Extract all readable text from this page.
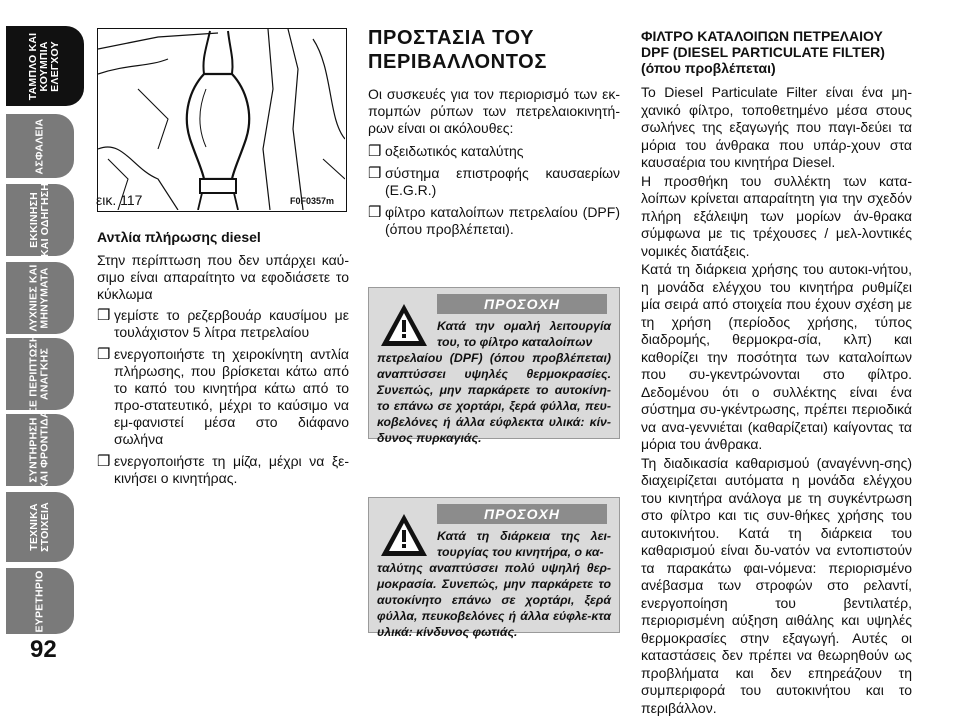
ΤΑΜΠΛΟ ΚΑΙ
ΚΟΥΜΠΙΑ
ΕΛΕΓΧΟΥ
ΑΣΦΑΛΕΙΑ
ΕΚΚΙΝΗΣΗ
ΚΑΙ ΟΔΗΓΗΣΗ
ΛΥΧΝΙΕΣ ΚΑΙ
ΜΗΝΥΜΑΤΑ
ΣΕ ΠΕΡΙΠΤΩΣΗ
ΑΝΑΓΚΗΣ
ΣΥΝΤΗΡΗΣΗ
ΚΑΙ ΦΡΟΝΤΙΔΑ
ΤΕΧΝΙΚΑ
ΣΤΟΙΧΕΙΑ
ΕΥΡΕΤΗΡΙΟ
92
εικ. 117	F0F0357m
Αντλία πλήρωσης diesel

Στην περίπτωση που δεν υπάρχει καύ-σιμο είναι απαραίτητο να εφοδιάσετε το κύκλωμα

❒ γεμίστε το ρεζερβουάρ καυσίμου με τουλάχιστον 5 λίτρα πετρελαίου
❒ ενεργοποιήστε τη χειροκίνητη αντλία πλήρωσης, που βρίσκεται κάτω από το καπό του κινητήρα κάτω από το προ-στατευτικό, μέχρι το καύσιμο να εμ-φανιστεί μέσα στο διάφανο σωλήνα
❒ ενεργοποιήστε τη μίζα, μέχρι να ξε-κινήσει ο κινητήρας.
ΠΡΟΣΤΑΣΙΑ ΤΟΥ
ΠΕΡΙΒΑΛΛΟΝΤΟΣ

Οι συσκευές για τον περιορισμό των εκ-πομπών ρύπων των πετρελαιοκινητή-ρων είναι οι ακόλουθες:

❒ οξειδωτικός καταλύτης
❒ σύστημα επιστροφής καυσαερίων (E.G.R.)
❒ φίλτρο καταλοίπων πετρελαίου (DPF) (όπου προβλέπεται).
ΠΡΟΣΟΧΗ
Κατά την ομαλή λειτουργία του, το φίλτρο καταλοίπων
πετρελαίου (DPF) (όπου προβλέπεται) αναπτύσσει υψηλές θερμοκρασίες. Συνεπώς, μην παρκάρετε το αυτοκίνη-το επάνω σε χορτάρι, ξερά φύλλα, πευ-κοβελόνες ή άλλα εύφλεκτα υλικά: κίν-δυνος πυρκαγιάς.
ΠΡΟΣΟΧΗ
Κατά τη διάρκεια της λει-τουργίας του κινητήρα, ο κα-
ταλύτης αναπτύσσει πολύ υψηλή θερ-μοκρασία. Συνεπώς, μην παρκάρετε το αυτοκίνητο επάνω σε χορτάρι, ξερά φύλλα, πευκοβελόνες ή άλλα εύφλε-κτα υλικά: κίνδυνος φωτιάς.
ΦΙΛΤΡΟ ΚΑΤΑΛΟΙΠΩΝ ΠΕΤΡΕΛΑΙΟΥ DPF (DIESEL PARTICULATE FILTER) (όπου προβλέπεται)

Το Diesel Particulate Filter είναι ένα μη-χανικό φίλτρο, τοποθετημένο μέσα στους σωλήνες της εξαγωγής που παγι-δεύει τα μόρια του άνθρακα που υπάρ-χουν στα καυσαέρια του κινητήρα Diesel.

Η προσθήκη του συλλέκτη των κατα-λοίπων κρίνεται απαραίτητη για την σχεδόν πλήρη εξάλειψη των μορίων άν-θρακα σύμφωνα με τις τρέχουσες / μελ-λοντικές νομικές διατάξεις.

Κατά τη διάρκεια χρήσης του αυτοκι-νήτου, η μονάδα ελέγχου του κινητήρα ρυθμίζει μία σειρά από στοιχεία που έχουν σχέση με τη χρήση (περίοδος χρήσης, τύπος διαδρομής, θερμοκρα-σία, κλπ) και καθορίζει την ποσότητα των καταλοίπων που συ-γκεντρώνονται στο φίλτρο. Δεδομένου ότι ο συλλέκτης είναι ένα σύστημα συ-γκέντρωσης, πρέπει περιοδικά να ανα-γεννιέται (καθαρίζεται) καίγοντας τα μόρια του άνθρακα.

Τη διαδικασία καθαρισμού (αναγέννη-σης) διαχειρίζεται αυτόματα η μονάδα ελέγχου του κινητήρα ανάλογα με τη συγκέντρωση στο φίλτρο και τις συν-θήκες χρήσης του αυτοκινήτου. Κατά τη διάρκεια του καθαρισμού είναι δυ-νατόν να εντοπιστούν τα παρακάτω φαι-νόμενα: περιορισμένο ανέβασμα των στροφών στο ρελαντί, ενεργοποίηση του βεντιλατέρ, περιορισμένη αύξηση αιθάλης και υψηλές θερμοκρασίες στην εξαγωγή. Αυτές οι καταστάσεις δεν πρέπει να θεωρηθούν ως προβλήματα και δεν επηρεάζουν τη συμπεριφορά του αυτοκινήτου και το περιβάλλον.
